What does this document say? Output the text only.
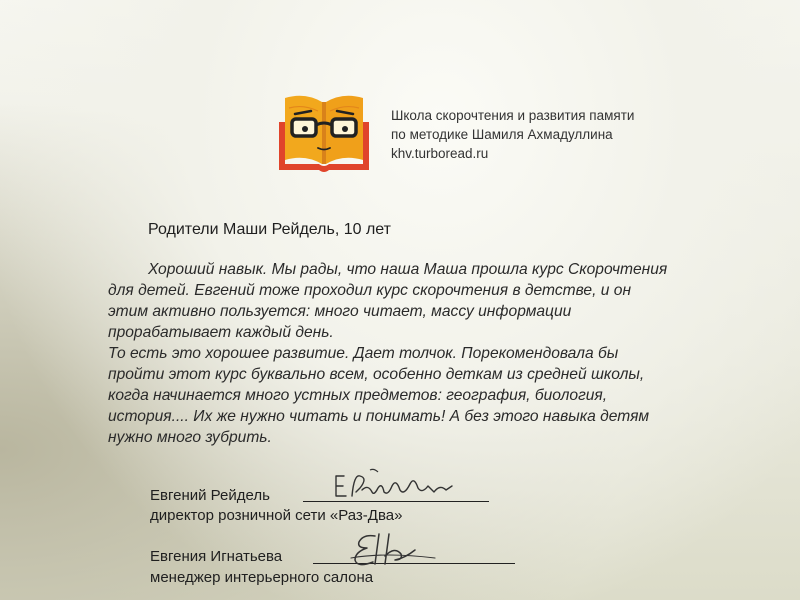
Школа скорочтения и развития памяти
по методике Шамиля Ахмадуллина
khv.turboread.ru
Родители Маши Рейдель, 10 лет
Хороший навык. Мы рады, что наша Маша прошла курс Скорочтения
для детей. Евгений тоже проходил курс скорочтения в детстве, и он
этим активно пользуется: много читает, массу информации
прорабатывает каждый день.
То есть это хорошее развитие. Дает толчок. Порекомендовала бы
пройти этот курс буквально всем, особенно деткам из средней школы,
когда начинается много устных предметов: география, биология,
история.... Их же нужно читать и понимать! А без этого навыка детям
нужно много зубрить.
Евгений Рейдель
директор розничной сети «Раз-Два»
Евгения Игнатьева
менеджер интерьерного салона
